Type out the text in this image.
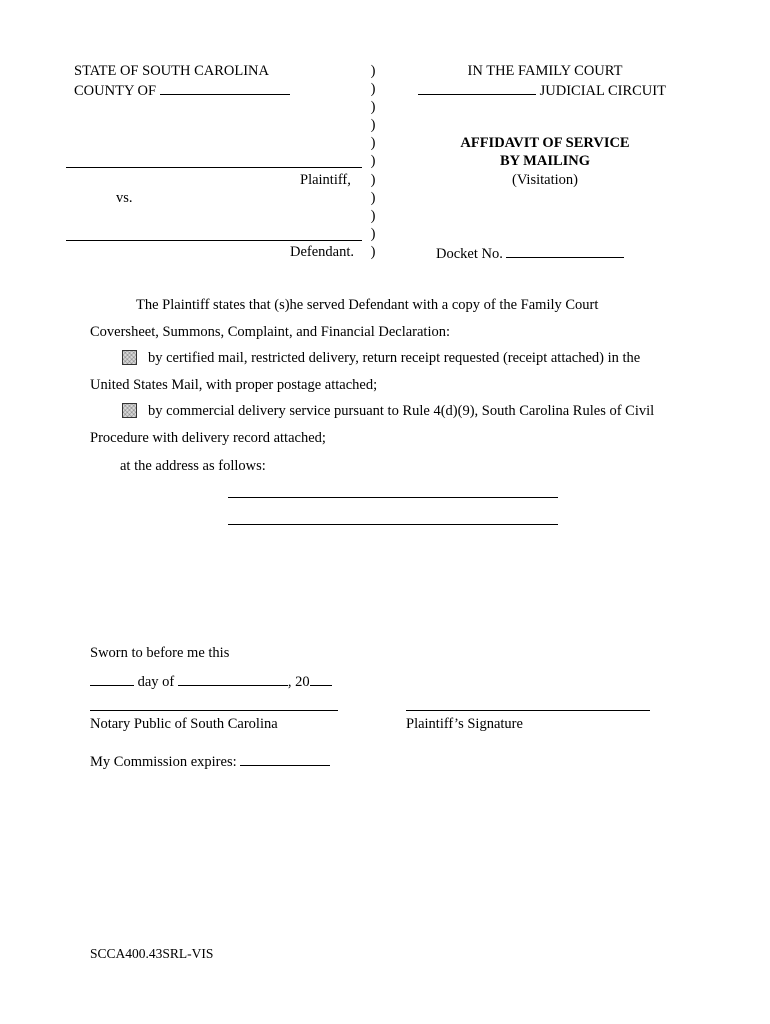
STATE OF SOUTH CAROLINA
COUNTY OF
Plaintiff,
vs.
Defendant.
)
)
)
)
)
)
)
)
)
)
)
IN THE FAMILY COURT
JUDICIAL CIRCUIT
AFFIDAVIT OF SERVICE
BY MAILING
(Visitation)
Docket No.
The Plaintiff states that (s)he served Defendant with a copy of the Family Court
Coversheet, Summons, Complaint, and Financial Declaration:
by certified mail, restricted delivery, return receipt requested (receipt attached) in the
United States Mail, with proper postage attached;
by commercial delivery service pursuant to Rule 4(d)(9), South Carolina Rules of Civil
Procedure with delivery record attached;
at the address as follows:
Sworn to before me this
day of	, 20
Notary Public of South Carolina	Plaintiff’s Signature
My Commission expires:
SCCA400.43SRL-VIS
